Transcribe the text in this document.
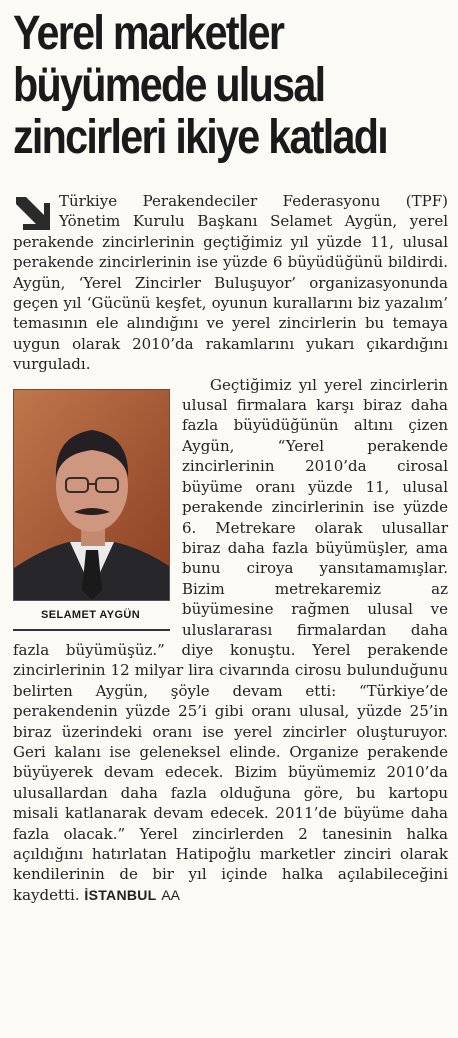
Yerel marketler büyümede ulusal zincirleri ikiye katladı

Türkiye Perakendeciler Federasyonu (TPF) Yönetim Kurulu Başkanı Selamet Aygün, yerel perakende zincirlerinin geçtiğimiz yıl yüzde 11, ulusal perakende zincirlerinin ise yüzde 6 büyüdüğünü bildirdi. Aygün, ‘Yerel Zincirler Buluşuyor’ organizasyonunda geçen yıl ‘Gücünü keşfet, oyunun kurallarını biz yazalım’ temasının ele alındığını ve yerel zincirlerin bu temaya uygun olarak 2010’da rakamlarını yukarı çıkardığını vurguladı.

SELAMET AYGÜN
Geçtiğimiz yıl yerel zincirlerin ulusal firmalara karşı biraz daha fazla büyüdüğünün altını çizen Aygün, “Yerel perakende zincirlerinin 2010’da cirosal büyüme oranı yüzde 11, ulusal perakende zincirlerinin ise yüzde 6. Metrekare olarak ulusallar biraz daha fazla büyümüşler, ama bunu ciroya yansıtamamışlar. Bizim metrekaremiz az büyümesine rağmen ulusal ve uluslararası firmalardan daha fazla büyümüşüz.” diye konuştu. Yerel perakende zincirlerinin 12 milyar lira civarında cirosu bulunduğunu belirten Aygün, şöyle devam etti: “Türkiye’de perakendenin yüzde 25’i gibi oranı ulusal, yüzde 25’in biraz üzerindeki oranı ise yerel zincirler oluşturuyor. Geri kalanı ise geleneksel elinde. Organize perakende büyüyerek devam edecek. Bizim büyümemiz 2010’da ulusallardan daha fazla olduğuna göre, bu kartopu misali katlanarak devam edecek. 2011’de büyüme daha fazla olacak.” Yerel zincirlerden 2 tanesinin halka açıldığını hatırlatan Hatipoğlu marketler zinciri olarak kendilerinin de bir yıl içinde halka açılabileceğini kaydetti. İSTANBUL AA
